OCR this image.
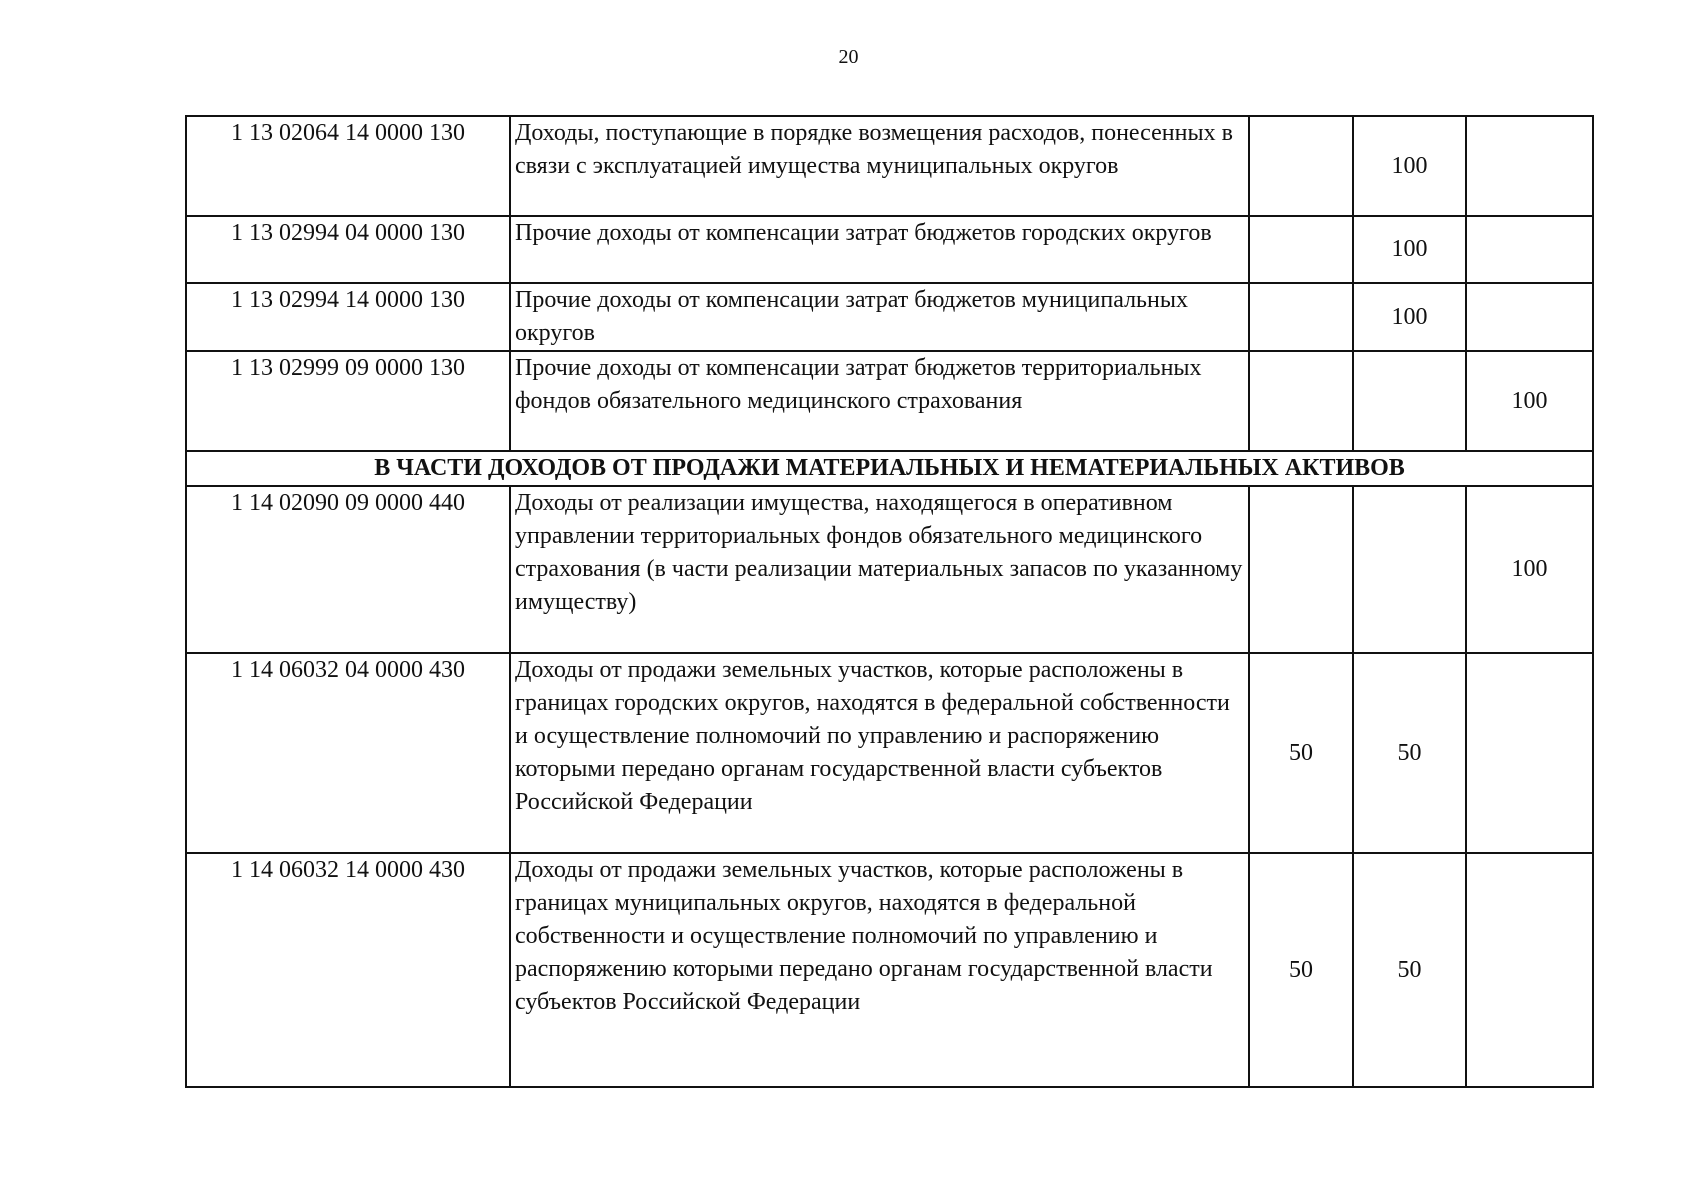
20
1 13 02064 14 0000 130	Доходы, поступающие в порядке возмещения расходов, понесенных в связи с эксплуатацией имущества муниципальных округов		100	
1 13 02994 04 0000 130	Прочие доходы от компенсации затрат бюджетов городских округов		100	
1 13 02994 14 0000 130	Прочие доходы от компенсации затрат бюджетов муниципальных округов		100	
1 13 02999 09 0000 130	Прочие доходы от компенсации затрат бюджетов территориальных фондов обязательного медицинского страхования			100
В ЧАСТИ ДОХОДОВ ОТ ПРОДАЖИ МАТЕРИАЛЬНЫХ И НЕМАТЕРИАЛЬНЫХ АКТИВОВ				
1 14 02090 09 0000 440	Доходы от реализации имущества, находящегося в оперативном управлении территориальных фондов обязательного медицинского страхования (в части реализации материальных запасов по указанному имуществу)			100
1 14 06032 04 0000 430	Доходы от продажи земельных участков, которые расположены в границах городских округов, находятся в федеральной собственности и осуществление полномочий по управлению и распоряжению которыми передано органам государственной власти субъектов Российской Федерации	50	50	
1 14 06032 14 0000 430	Доходы от продажи земельных участков, которые расположены в границах муниципальных округов, находятся в федеральной собственности и осуществление полномочий по управлению и распоряжению которыми передано органам государственной власти субъектов Российской Федерации	50	50	
